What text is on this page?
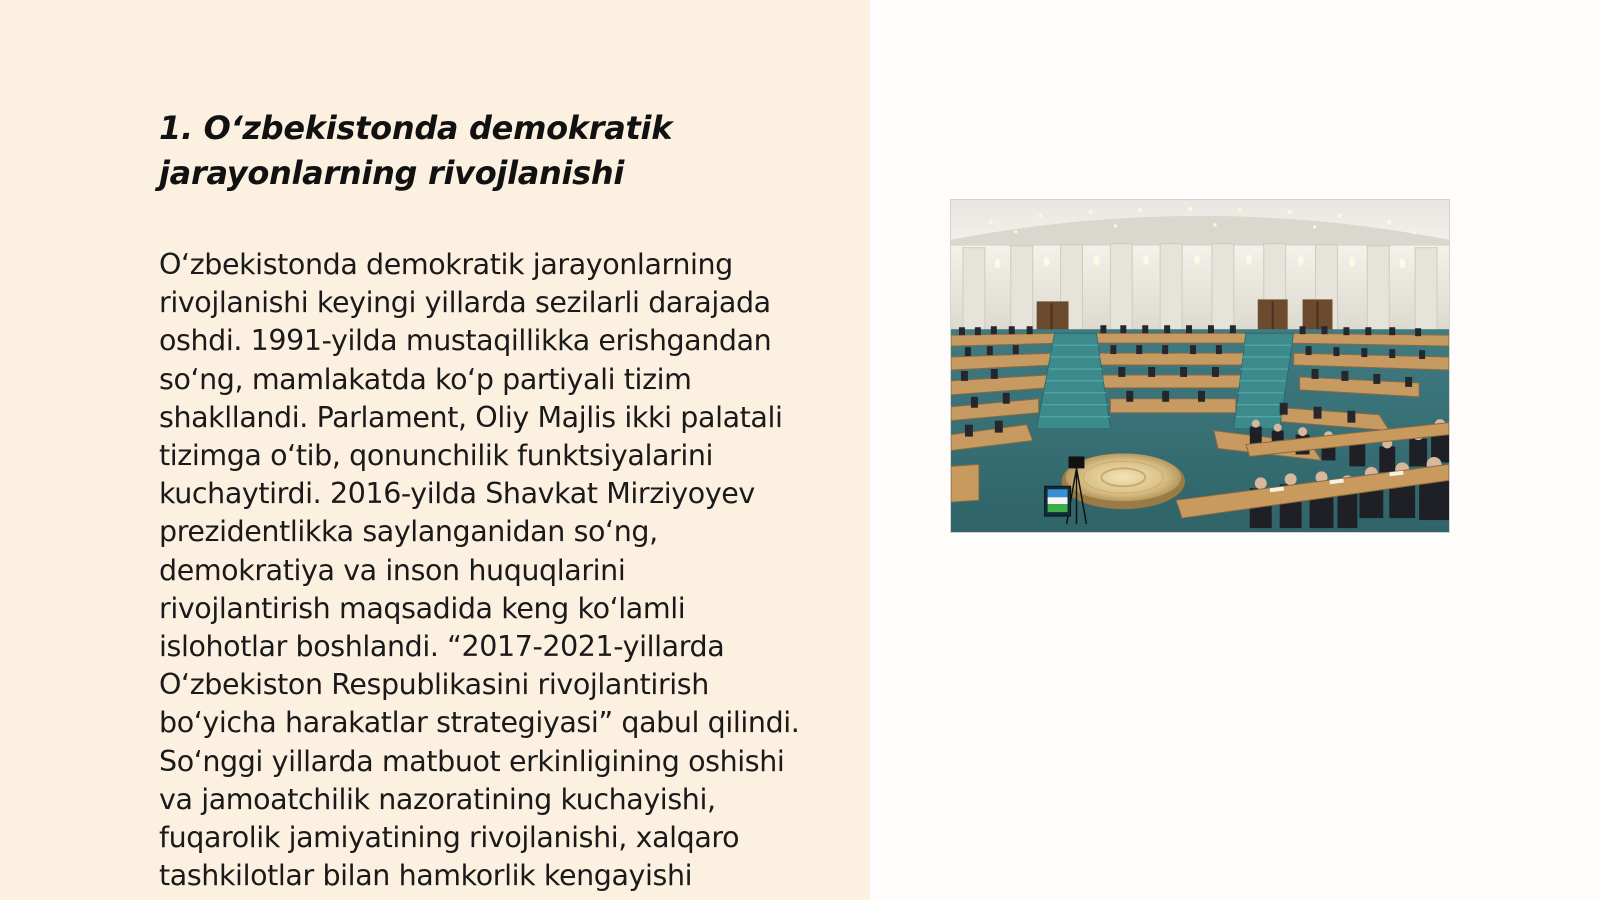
1. O‘zbekistonda demokratik jarayonlarning rivojlanishi

O‘zbekistonda demokratik jarayonlarning
rivojlanishi keyingi yillarda sezilarli darajada
oshdi. 1991-yilda mustaqillikka erishgandan
so‘ng, mamlakatda ko‘p partiyali tizim
shakllandi. Parlament, Oliy Majlis ikki palatali
tizimga o‘tib, qonunchilik funktsiyalarini
kuchaytirdi. 2016-yilda Shavkat Mirziyoyev
prezidentlikka saylanganidan so‘ng,
demokratiya va inson huquqlarini
rivojlantirish maqsadida keng ko‘lamli
islohotlar boshlandi. “2017-2021-yillarda
O‘zbekiston Respublikasini rivojlantirish
bo‘yicha harakatlar strategiyasi” qabul qilindi.
So‘nggi yillarda matbuot erkinligining oshishi
va jamoatchilik nazoratining kuchayishi,
fuqarolik jamiyatining rivojlanishi, xalqaro
tashkilotlar bilan hamkorlik kengayishi
